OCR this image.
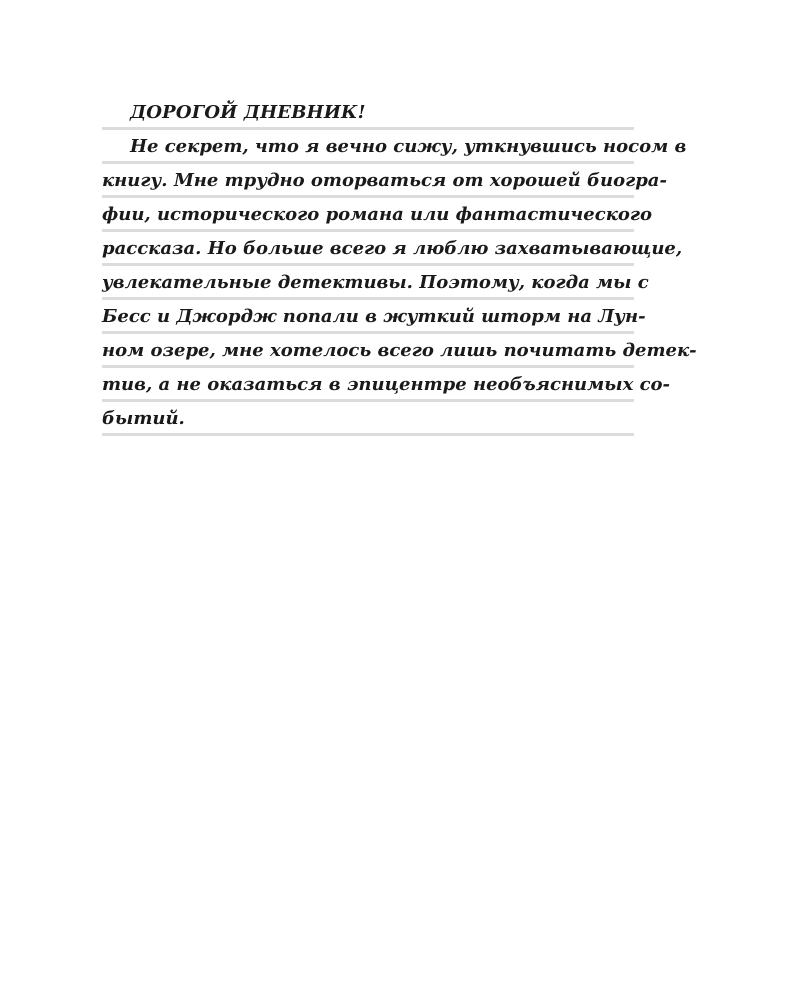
ДОРОГОЙ ДНЕВНИК!
Не секрет, что я вечно сижу, уткнувшись носом в
книгу. Мне трудно оторваться от хорошей биогра-
фии, исторического романа или фантастического
рассказа. Но больше всего я люблю захватывающие,
увлекательные детективы. Поэтому, когда мы с
Бесс и Джордж попали в жуткий шторм на Лун-
ном озере, мне хотелось всего лишь почитать детек-
тив, а не оказаться в эпицентре необъяснимых со-
бытий.
